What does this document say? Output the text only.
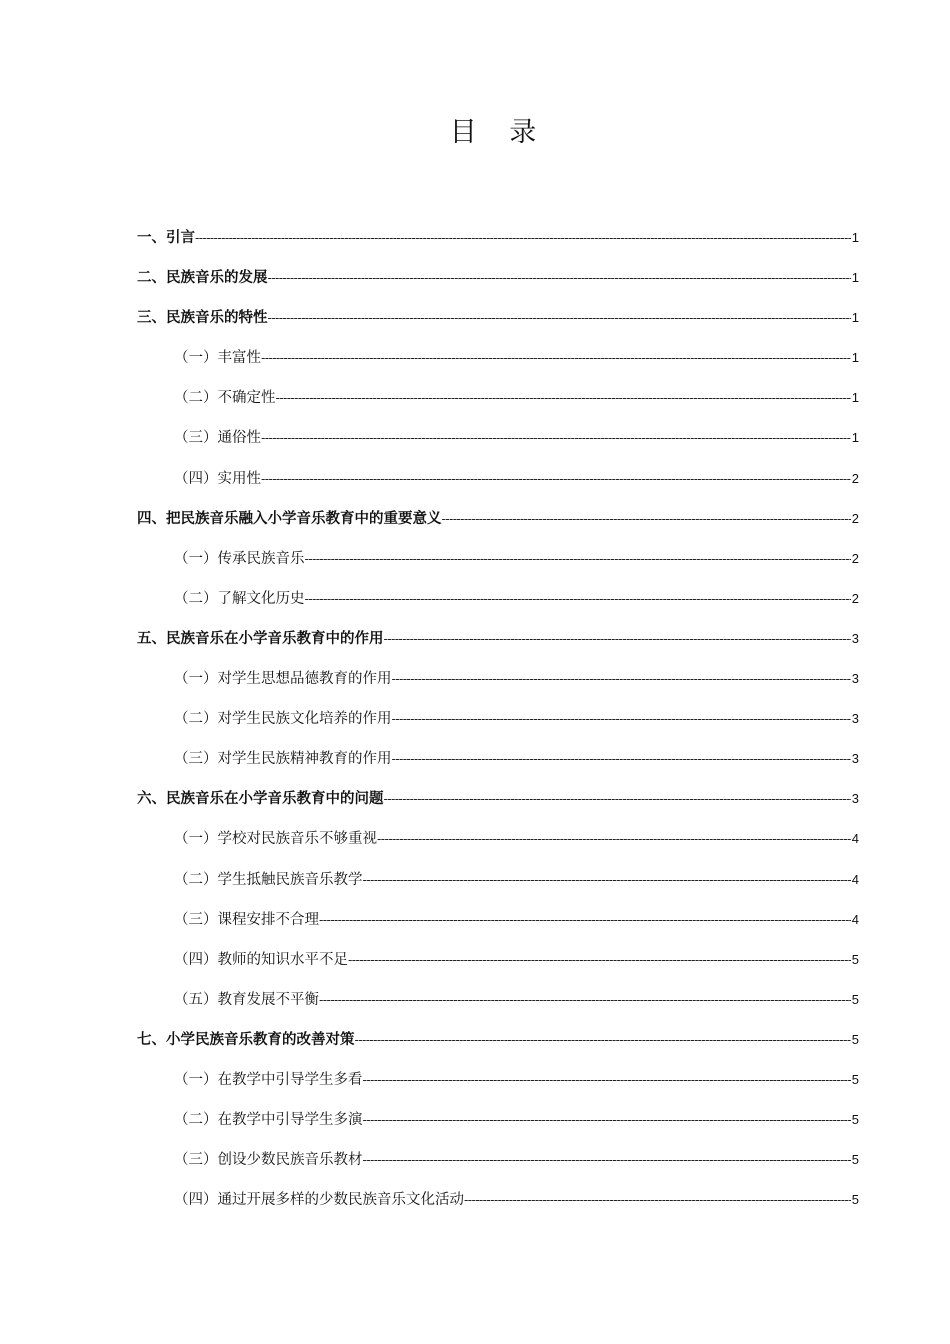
目 录
一、引言 -----	1
二、民族音乐的发展 -----	1
三、民族音乐的特性 -----	1
（一）丰富性 -----	1
（二）不确定性 -----	1
（三）通俗性 -----	1
（四）实用性 -----	2
四、把民族音乐融入小学音乐教育中的重要意义 -----	2
（一）传承民族音乐 -----	2
（二）了解文化历史 -----	2
五、民族音乐在小学音乐教育中的作用 -----	3
（一）对学生思想品德教育的作用 -----	3
（二）对学生民族文化培养的作用 -----	3
（三）对学生民族精神教育的作用 -----	3
六、民族音乐在小学音乐教育中的问题 -----	3
（一）学校对民族音乐不够重视 -----	4
（二）学生抵触民族音乐教学 -----	4
（三）课程安排不合理 -----	4
（四）教师的知识水平不足 -----	5
（五）教育发展不平衡 -----	5
七、小学民族音乐教育的改善对策 -----	5
（一）在教学中引导学生多看 -----	5
（二）在教学中引导学生多演 -----	5
（三）创设少数民族音乐教材 -----	5
（四）通过开展多样的少数民族音乐文化活动 -----	5
